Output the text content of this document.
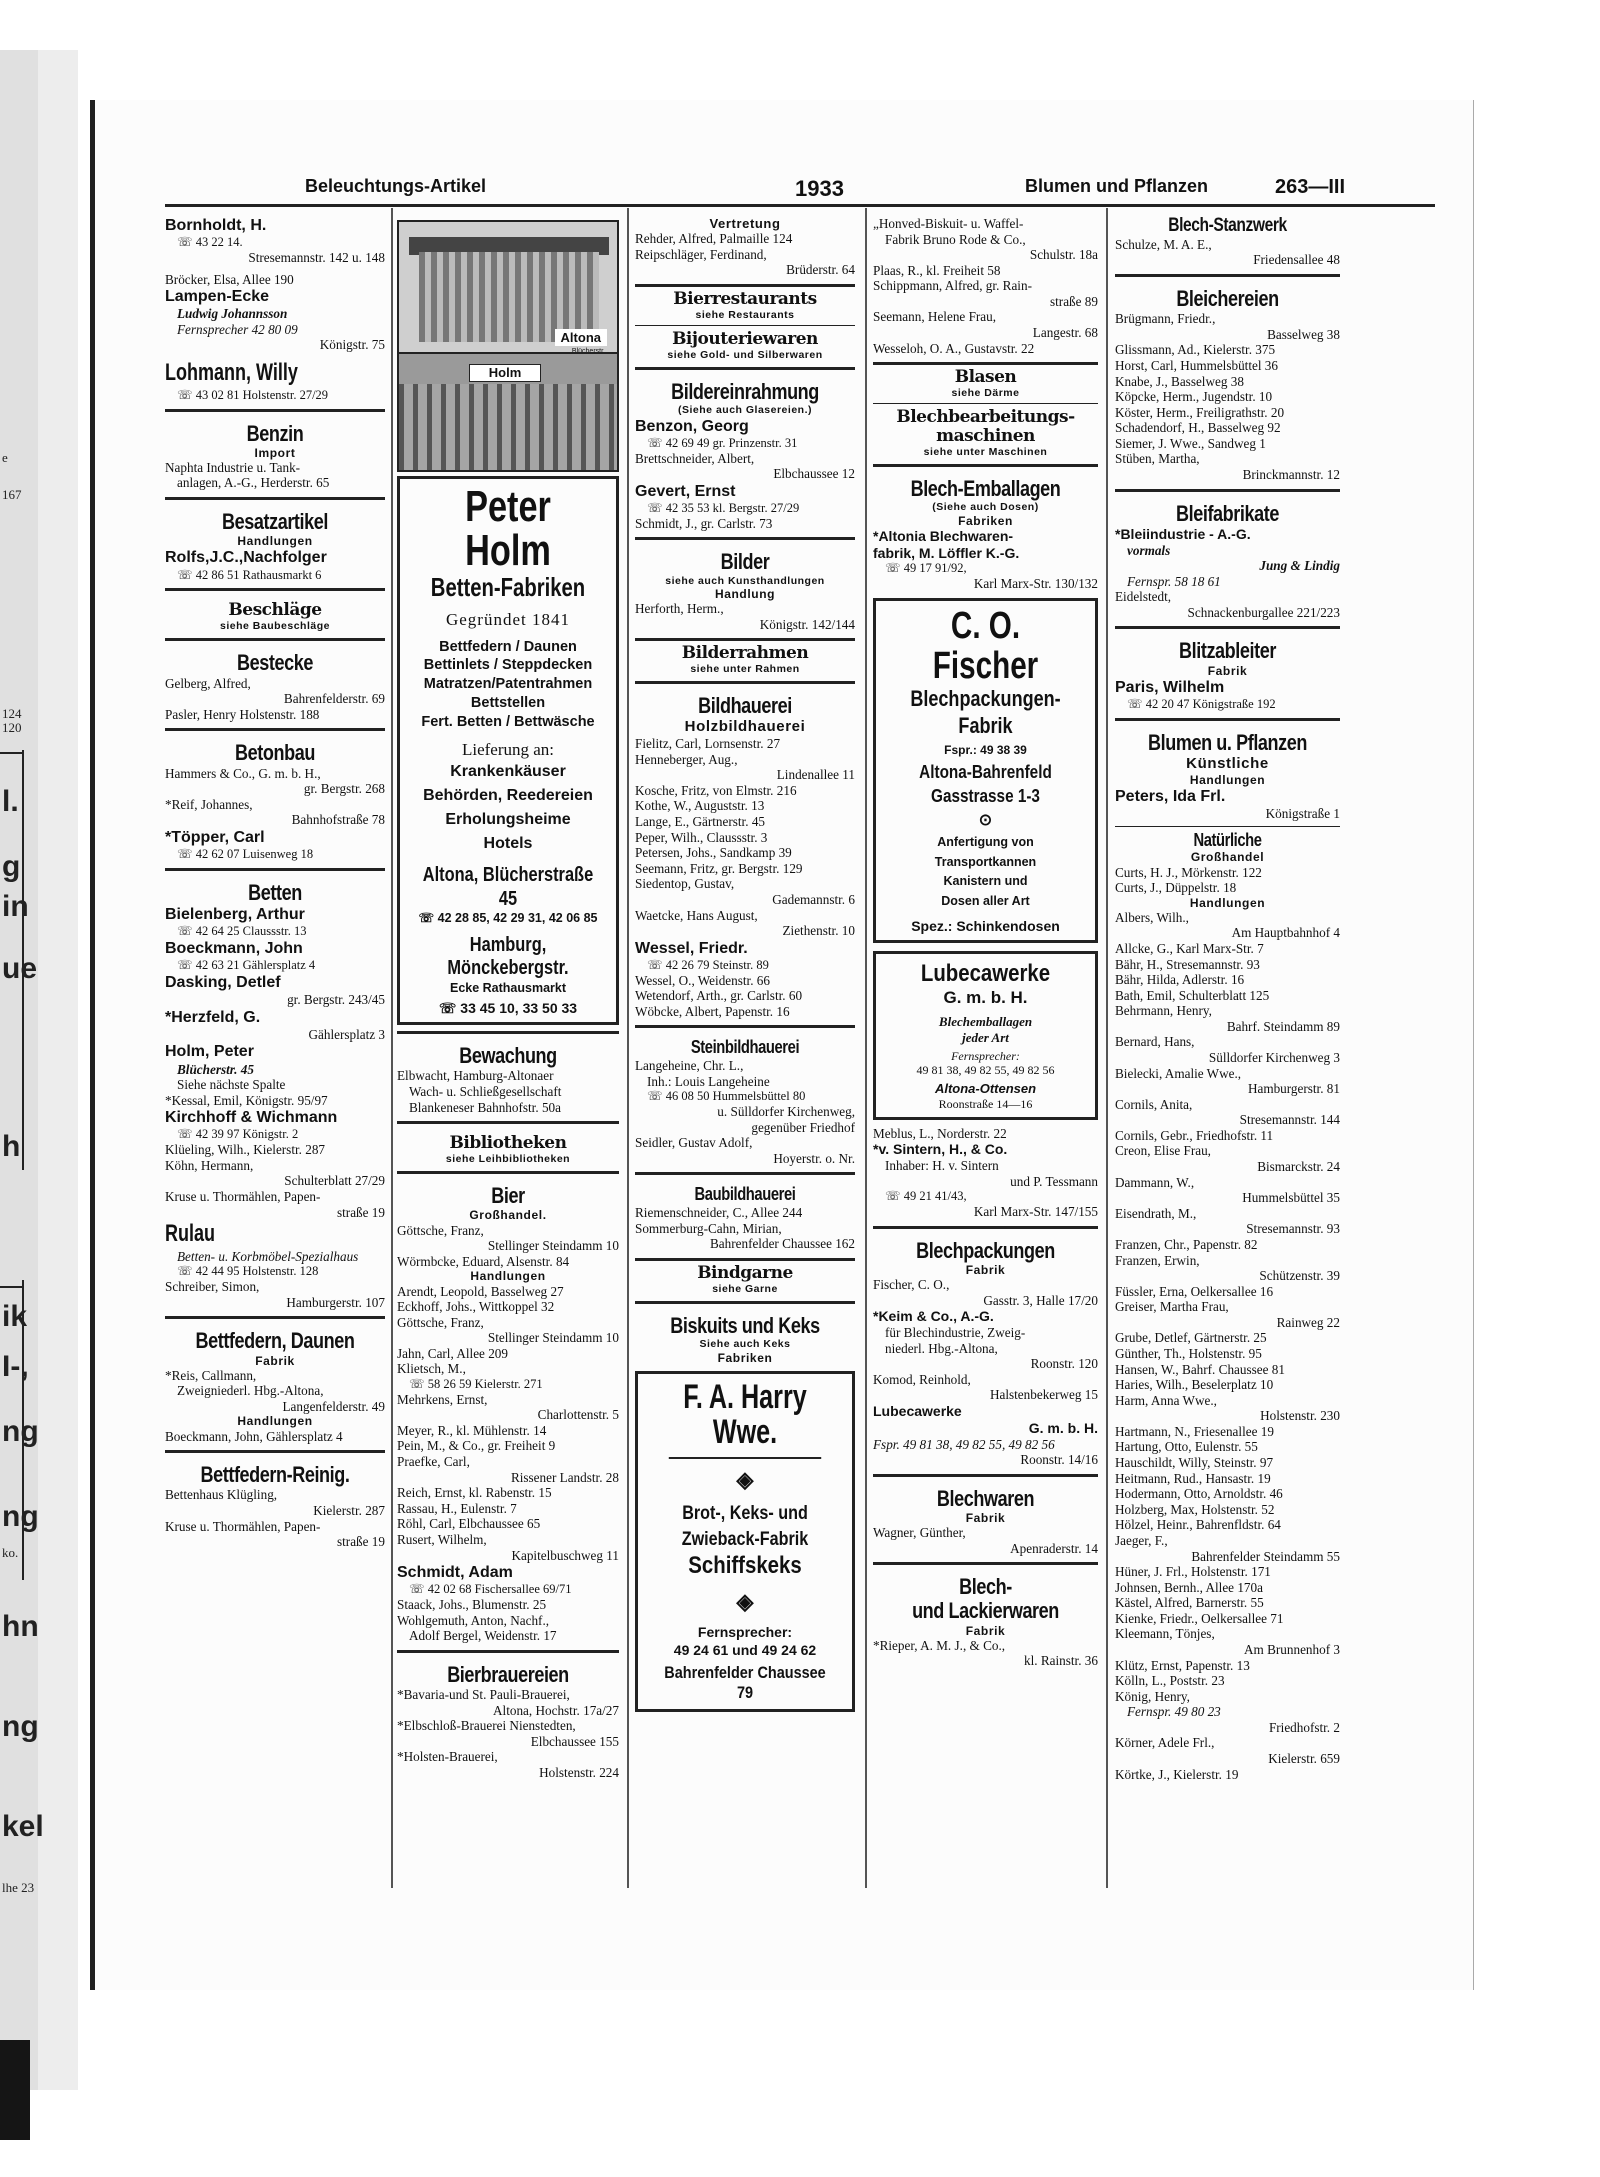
e
167
124
120
l.
g
in
ue
h
ik
I-,
ng
ng
ko.
hn
ng
kel
lhe 23
Beleuchtungs-Artikel	1933	Blumen und Pflanzen	263—III
Bornholdt, H.
☏ 43 22 14.
Stresemannstr. 142 u. 148
Bröcker, Elsa, Allee 190
Lampen-Ecke
Ludwig Johannsson
Fernsprecher 42 80 09
Königstr. 75
Lohmann, Willy
☏ 43 02 81 Holstenstr. 27/29
Benzin
Import
Naphta Industrie u. Tank-
anlagen, A.-G., Herderstr. 65
Besatzartikel
Handlungen
Rolfs,J.C.,Nachfolger
☏ 42 86 51 Rathausmarkt 6
Beschläge
siehe Baubeschläge
Bestecke
Gelberg, Alfred,
Bahrenfelderstr. 69
Pasler, Henry Holstenstr. 188
Betonbau
Hammers & Co., G. m. b. H.,
gr. Bergstr. 268
*Reif, Johannes,
Bahnhofstraße 78
*Töpper, Carl
☏ 42 62 07 Luisenweg 18
Betten
Bielenberg, Arthur
☏ 42 64 25 Claussstr. 13
Boeckmann, John
☏ 42 63 21 Gählersplatz 4
Dasking, Detlef
gr. Bergstr. 243/45
*Herzfeld, G.
Gählersplatz 3
Holm, Peter
Blücherstr. 45
Siehe nächste Spalte
*Kessal, Emil, Königstr. 95/97
Kirchhoff & Wichmann
☏ 42 39 97 Königstr. 2
Klüeling, Wilh., Kielerstr. 287
Köhn, Hermann,
Schulterblatt 27/29
Kruse u. Thormählen, Papen-
straße 19
Rulau
Betten- u. Korbmöbel-Spezialhaus
☏ 42 44 95 Holstenstr. 128
Schreiber, Simon,
Hamburgerstr. 107
Bettfedern, Daunen
Fabrik
*Reis, Callmann,
Zweigniederl. Hbg.-Altona,
Langenfelderstr. 49
Handlungen
Boeckmann, John, Gählersplatz 4
Bettfedern-Reinig.
Bettenhaus Klügling,
Kielerstr. 287
Kruse u. Thormählen, Papen-
straße 19
Altona
Blücherstr.
Holm
Peter Holm
Betten-Fabriken
Gegründet 1841
Bettfedern / Daunen
Bettinlets / Steppdecken
Matratzen/Patentrahmen
Bettstellen
Fert. Betten / Bettwäsche
Lieferung an:
Krankenkäuser
Behörden, Reedereien
Erholungsheime
Hotels
Altona, Blücherstraße 45
☏ 42 28 85, 42 29 31, 42 06 85
Hamburg, Mönckebergstr.
Ecke Rathausmarkt
☏ 33 45 10, 33 50 33
Bewachung
Elbwacht, Hamburg-Altonaer
Wach- u. Schließgesellschaft
Blankeneser Bahnhofstr. 50a
Bibliotheken
siehe Leihbibliotheken
Bier
Großhandel.
Göttsche, Franz,
Stellinger Steindamm 10
Wörmbcke, Eduard, Alsenstr. 84
Handlungen
Arendt, Leopold, Basselweg 27
Eckhoff, Johs., Wittkoppel 32
Göttsche, Franz,
Stellinger Steindamm 10
Jahn, Carl, Allee 209
Klietsch, M.,
☏ 58 26 59 Kielerstr. 271
Mehrkens, Ernst,
Charlottenstr. 5
Meyer, R., kl. Mühlenstr. 14
Pein, M., & Co., gr. Freiheit 9
Praefke, Carl,
Rissener Landstr. 28
Reich, Ernst, kl. Rabenstr. 15
Rassau, H., Eulenstr. 7
Röhl, Carl, Elbchaussee 65
Rusert, Wilhelm,
Kapitelbuschweg 11
Schmidt, Adam
☏ 42 02 68 Fischersallee 69/71
Staack, Johs., Blumenstr. 25
Wohlgemuth, Anton, Nachf.,
Adolf Bergel, Weidenstr. 17
Bierbrauereien
*Bavaria-und St. Pauli-Brauerei,
Altona, Hochstr. 17a/27
*Elbschloß-Brauerei Nienstedten,
Elbchaussee 155
*Holsten-Brauerei,
Holstenstr. 224
Vertretung
Rehder, Alfred, Palmaille 124
Reipschläger, Ferdinand,
Brüderstr. 64
Bierrestaurants
siehe Restaurants
Bijouteriewaren
siehe Gold- und Silberwaren
Bildereinrahmung
(Siehe auch Glasereien.)
Benzon, Georg
☏ 42 69 49 gr. Prinzenstr. 31
Brettschneider, Albert,
Elbchaussee 12
Gevert, Ernst
☏ 42 35 53 kl. Bergstr. 27/29
Schmidt, J., gr. Carlstr. 73
Bilder
siehe auch Kunsthandlungen
Handlung
Herforth, Herm.,
Königstr. 142/144
Bilderrahmen
siehe unter Rahmen
Bildhauerei
Holzbildhauerei
Fielitz, Carl, Lornsenstr. 27
Henneberger, Aug.,
Lindenallee 11
Kosche, Fritz, von Elmstr. 216
Kothe, W., Auguststr. 13
Lange, E., Gärtnerstr. 45
Peper, Wilh., Claussstr. 3
Petersen, Johs., Sandkamp 39
Seemann, Fritz, gr. Bergstr. 129
Siedentop, Gustav,
Gademannstr. 6
Waetcke, Hans August,
Ziethenstr. 10
Wessel, Friedr.
☏ 42 26 79 Steinstr. 89
Wessel, O., Weidenstr. 66
Wetendorf, Arth., gr. Carlstr. 60
Wöbcke, Albert, Papenstr. 16
Steinbildhauerei
Langeheine, Chr. L.,
Inh.: Louis Langeheine
☏ 46 08 50 Hummelsbüttel 80
u. Sülldorfer Kirchenweg,
gegenüber Friedhof
Seidler, Gustav Adolf,
Hoyerstr. o. Nr.
Baubildhauerei
Riemenschneider, C., Allee 244
Sommerburg-Cahn, Mirian,
Bahrenfelder Chaussee 162
Bindgarne
siehe Garne
Biskuits und Keks
Siehe auch Keks
Fabriken
F. A. Harry Wwe.
◈
Brot-, Keks- und
Zwieback-Fabrik
Schiffskeks
◈
Fernsprecher:
49 24 61 und 49 24 62
Bahrenfelder Chaussee 79
„Honved-Biskuit- u. Waffel-
Fabrik Bruno Rode & Co.,
Schulstr. 18a
Plaas, R., kl. Freiheit 58
Schippmann, Alfred, gr. Rain-
straße 89
Seemann, Helene Frau,
Langestr. 68
Wesseloh, O. A., Gustavstr. 22
Blasen
siehe Därme
Blechbearbeitungs-
maschinen
siehe unter Maschinen
Blech-Emballagen
(Siehe auch Dosen)
Fabriken
*Altonia Blechwaren-
fabrik, M. Löffler K.-G.
☏ 49 17 91/92,
Karl Marx-Str. 130/132
C. O. Fischer
Blechpackungen-
Fabrik
Fspr.: 49 38 39
Altona-Bahrenfeld
Gasstrasse 1-3
⊙
Anfertigung von
Transportkannen
Kanistern und
Dosen aller Art
Spez.: Schinkendosen
Lubecawerke
G. m. b. H.
Blechemballagen
jeder Art
Fernsprecher:
49 81 38, 49 82 55, 49 82 56
Altona-Ottensen
Roonstraße 14—16
Meblus, L., Norderstr. 22
*v. Sintern, H., & Co.
Inhaber: H. v. Sintern
und P. Tessmann
☏ 49 21 41/43,
Karl Marx-Str. 147/155
Blechpackungen
Fabrik
Fischer, C. O.,
Gasstr. 3, Halle 17/20
*Keim & Co., A.-G.
für Blechindustrie, Zweig-
niederl. Hbg.-Altona,
Roonstr. 120
Komod, Reinhold,
Halstenbekerweg 15
Lubecawerke
G. m. b. H.
Fspr. 49 81 38, 49 82 55, 49 82 56
Roonstr. 14/16
Blechwaren
Fabrik
Wagner, Günther,
Apenraderstr. 14
Blech-
und Lackierwaren
Fabrik
*Rieper, A. M. J., & Co.,
kl. Rainstr. 36
Blech-Stanzwerk
Schulze, M. A. E.,
Friedensallee 48
Bleichereien
Brügmann, Friedr.,
Basselweg 38
Glissmann, Ad., Kielerstr. 375
Horst, Carl, Hummelsbüttel 36
Knabe, J., Basselweg 38
Köpcke, Herm., Jugendstr. 10
Köster, Herm., Freiligrathstr. 20
Schadendorf, H., Basselweg 92
Siemer, J. Wwe., Sandweg 1
Stüben, Martha,
Brinckmannstr. 12
Bleifabrikate
*Bleiindustrie - A.-G.
vormals
Jung & Lindig
Fernspr. 58 18 61
Eidelstedt,
Schnackenburgallee 221/223
Blitzableiter
Fabrik
Paris, Wilhelm
☏ 42 20 47 Königstraße 192
Blumen u. Pflanzen
Künstliche
Handlungen
Peters, Ida Frl.
Königstraße 1
Natürliche
Großhandel
Curts, H. J., Mörkenstr. 122
Curts, J., Düppelstr. 18
Handlungen
Albers, Wilh.,
Am Hauptbahnhof 4
Allcke, G., Karl Marx-Str. 7
Bähr, H., Stresemannstr. 93
Bähr, Hilda, Adlerstr. 16
Bath, Emil, Schulterblatt 125
Behrmann, Henry,
Bahrf. Steindamm 89
Bernard, Hans,
Sülldorfer Kirchenweg 3
Bielecki, Amalie Wwe.,
Hamburgerstr. 81
Cornils, Anita,
Stresemannstr. 144
Cornils, Gebr., Friedhofstr. 11
Creon, Elise Frau,
Bismarckstr. 24
Dammann, W.,
Hummelsbüttel 35
Eisendrath, M.,
Stresemannstr. 93
Franzen, Chr., Papenstr. 82
Franzen, Erwin,
Schützenstr. 39
Füssler, Erna, Oelkersallee 16
Greiser, Martha Frau,
Rainweg 22
Grube, Detlef, Gärtnerstr. 25
Günther, Th., Holstenstr. 95
Hansen, W., Bahrf. Chaussee 81
Haries, Wilh., Beselerplatz 10
Harm, Anna Wwe.,
Holstenstr. 230
Hartmann, N., Friesenallee 19
Hartung, Otto, Eulenstr. 55
Hauschildt, Willy, Steinstr. 97
Heitmann, Rud., Hansastr. 19
Hodermann, Otto, Arnoldstr. 46
Holzberg, Max, Holstenstr. 52
Hölzel, Heinr., Bahrenfldstr. 64
Jaeger, F.,
Bahrenfelder Steindamm 55
Hüner, J. Frl., Holstenstr. 171
Johnsen, Bernh., Allee 170a
Kästel, Alfred, Barnerstr. 55
Kienke, Friedr., Oelkersallee 71
Kleemann, Tönjes,
Am Brunnenhof 3
Klütz, Ernst, Papenstr. 13
Kölln, L., Poststr. 23
König, Henry,
Fernspr. 49 80 23
Friedhofstr. 2
Körner, Adele Frl.,
Kielerstr. 659
Körtke, J., Kielerstr. 19
